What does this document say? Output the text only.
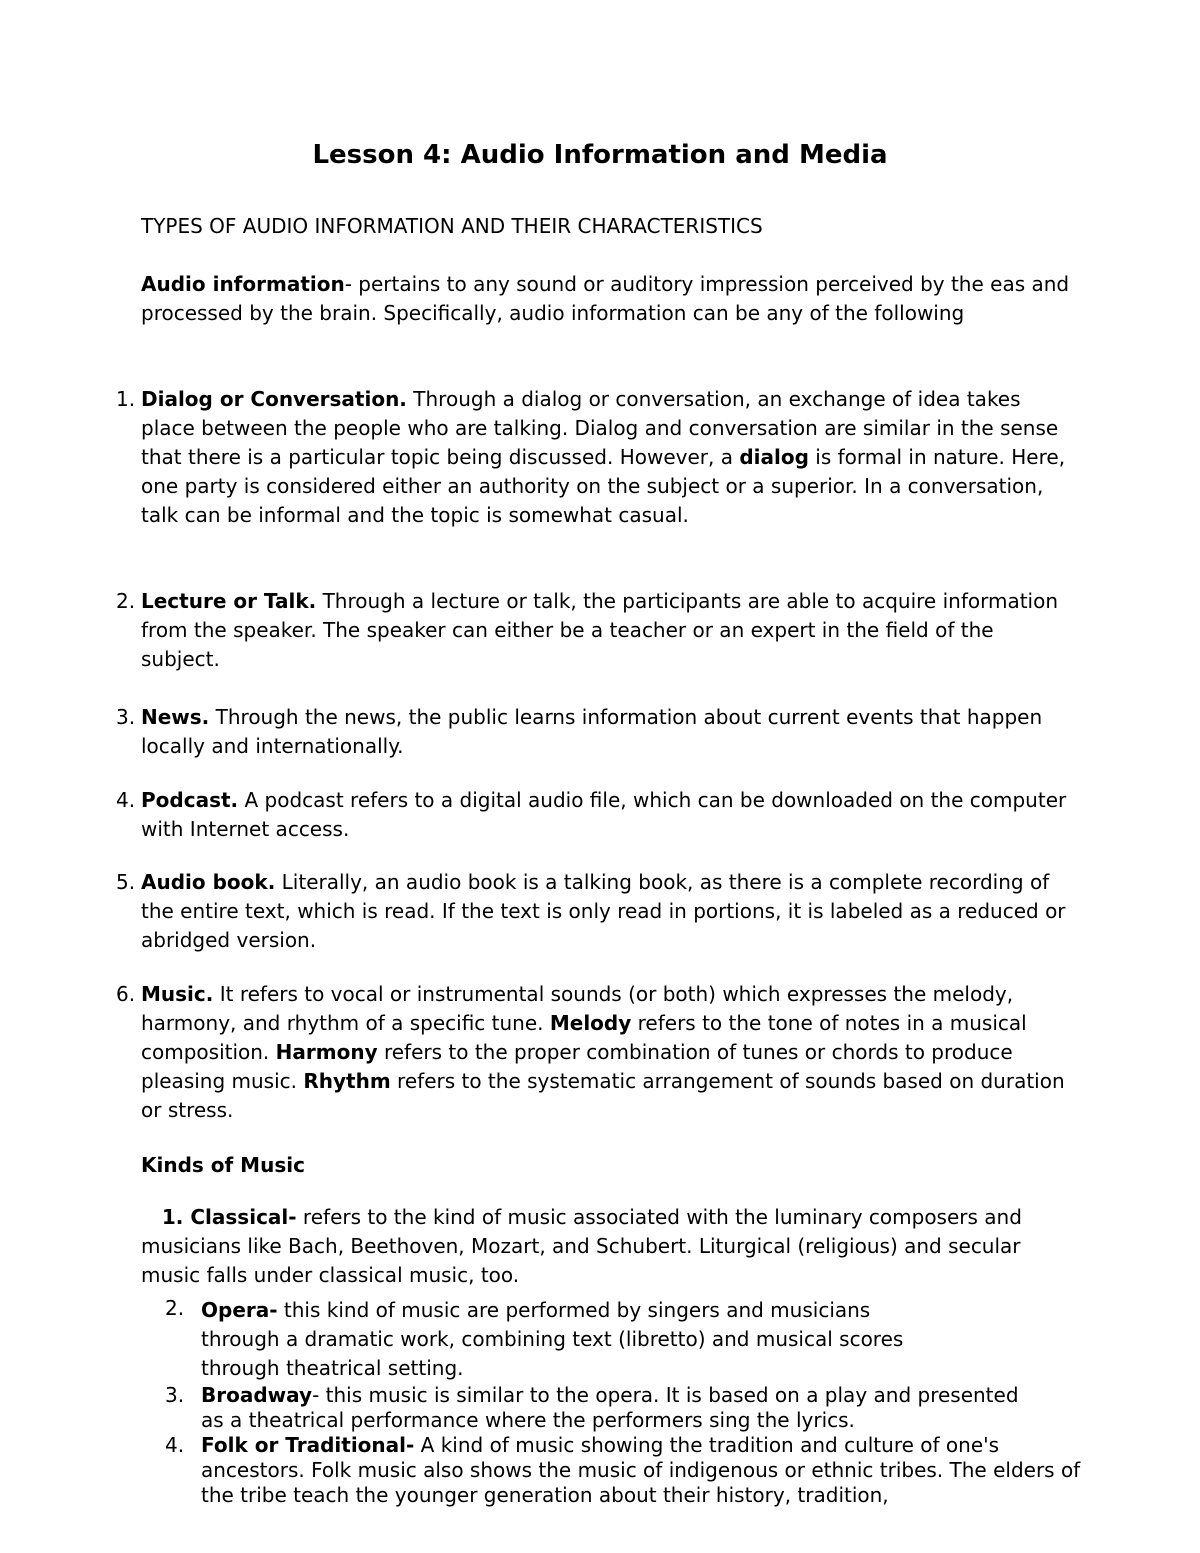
Lesson 4: Audio Information and Media
TYPES OF AUDIO INFORMATION AND THEIR CHARACTERISTICS

Audio information- pertains to any sound or auditory impression perceived by the eas and processed by the brain. Specifically, audio information can be any of the following

1. Dialog or Conversation. Through a dialog or conversation, an exchange of idea takes place between the people who are talking. Dialog and conversation are similar in the sense that there is a particular topic being discussed. However, a dialog is formal in nature. Here, one party is considered either an authority on the subject or a superior. In a conversation, talk can be informal and the topic is somewhat casual.

2. Lecture or Talk. Through a lecture or talk, the participants are able to acquire information from the speaker. The speaker can either be a teacher or an expert in the field of the subject.

3. News. Through the news, the public learns information about current events that happen locally and internationally.

4. Podcast. A podcast refers to a digital audio file, which can be downloaded on the computer with Internet access.

5. Audio book. Literally, an audio book is a talking book, as there is a complete recording of the entire text, which is read. If the text is only read in portions, it is labeled as a reduced or abridged version.

6. Music. It refers to vocal or instrumental sounds (or both) which expresses the melody, harmony, and rhythm of a specific tune. Melody refers to the tone of notes in a musical composition. Harmony refers to the proper combination of tunes or chords to produce pleasing music. Rhythm refers to the systematic arrangement of sounds based on duration or stress.

Kinds of Music

1. Classical- refers to the kind of music associated with the luminary composers and musicians like Bach, Beethoven, Mozart, and Schubert. Liturgical (religious) and secular music falls under classical music, too.

2. Opera- this kind of music are performed by singers and musicians through a dramatic work, combining text (libretto) and musical scores through theatrical setting.

3. Broadway- this music is similar to the opera. It is based on a play and presented as a theatrical performance where the performers sing the lyrics.

4. Folk or Traditional- A kind of music showing the tradition and culture of one's ancestors. Folk music also shows the music of indigenous or ethnic tribes. The elders of the tribe teach the younger generation about their history, tradition,
